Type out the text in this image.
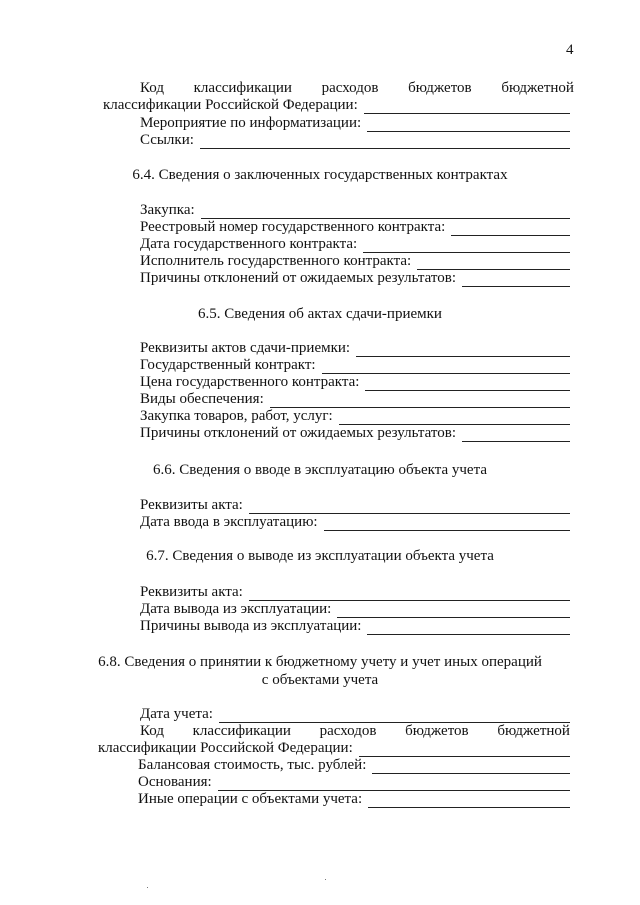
4
Код классификации расходов бюджетов бюджетной
классификации Российской Федерации:
Мероприятие по информатизации:
Ссылки:
6.4. Сведения о заключенных государственных контрактах
Закупка:
Реестровый номер государственного контракта:
Дата государственного контракта:
Исполнитель государственного контракта:
Причины отклонений от ожидаемых результатов:
6.5. Сведения об актах сдачи-приемки
Реквизиты актов сдачи-приемки:
Государственный контракт:
Цена государственного контракта:
Виды обеспечения:
Закупка товаров, работ, услуг:
Причины отклонений от ожидаемых результатов:
6.6. Сведения о вводе в эксплуатацию объекта учета
Реквизиты акта:
Дата ввода в эксплуатацию:
6.7. Сведения о выводе из эксплуатации объекта учета
Реквизиты акта:
Дата вывода из эксплуатации:
Причины вывода из эксплуатации:
6.8. Сведения о принятии к бюджетному учету и учет иных операций
с объектами учета
Дата учета:
Код классификации расходов бюджетов бюджетной
классификации Российской Федерации:
Балансовая стоимость, тыс. рублей:
Основания:
Иные операции с объектами учета:
